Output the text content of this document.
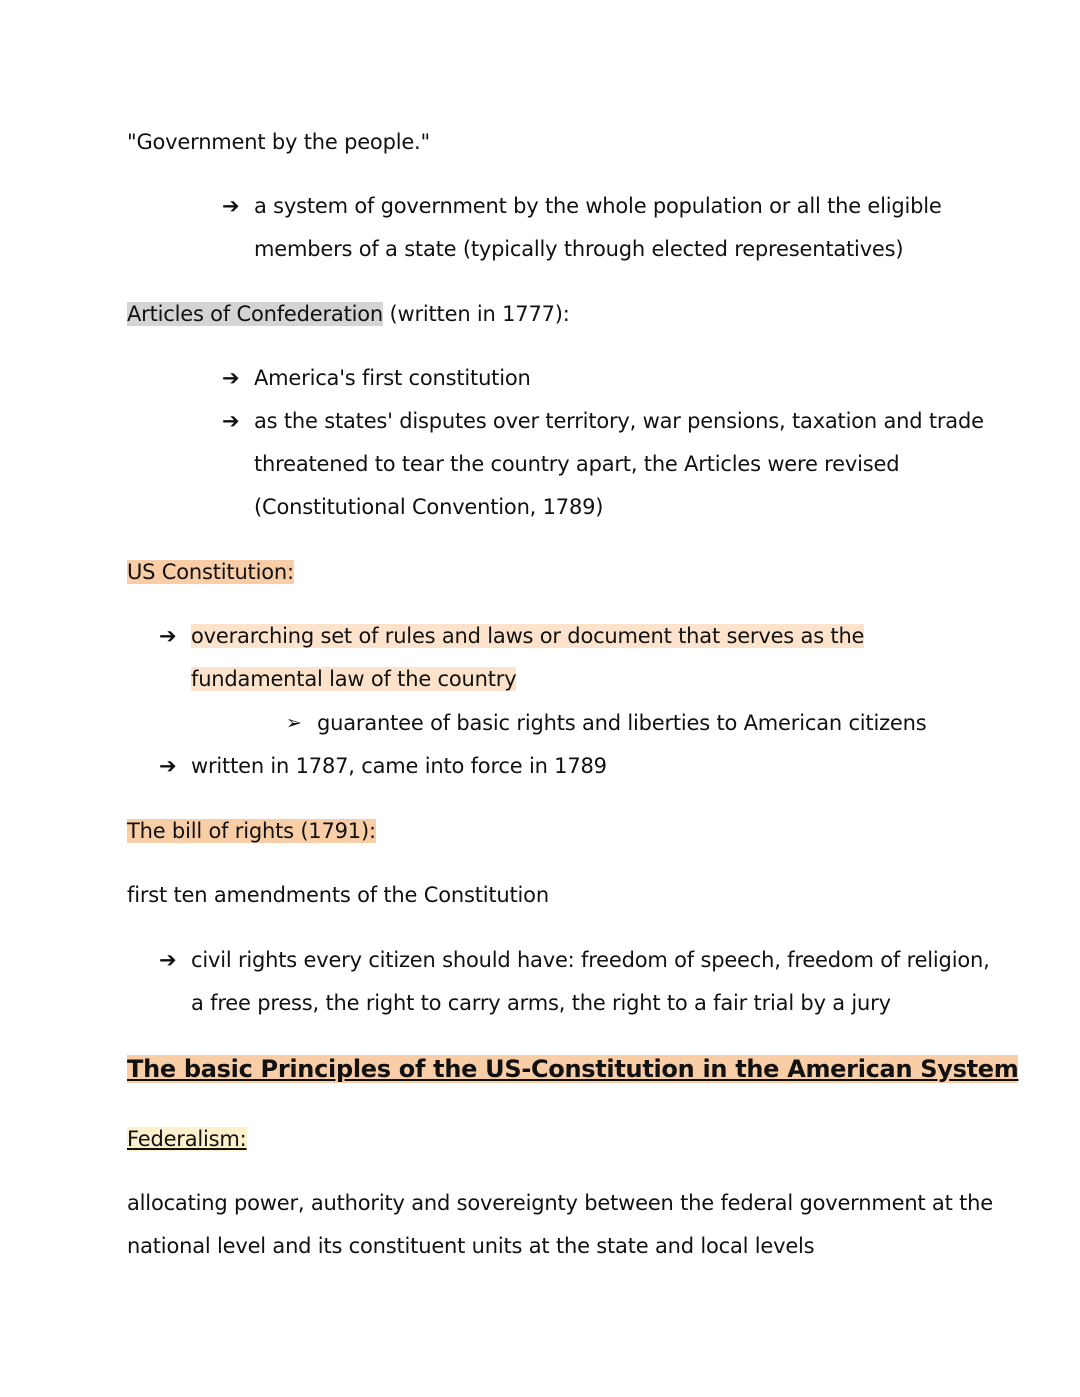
"Government by the people."
➔ a system of government by the whole population or all the eligible
members of a state (typically through elected representatives)
Articles of Confederation (written in 1777):
➔ America's first constitution
➔ as the states' disputes over territory, war pensions, taxation and trade
threatened to tear the country apart, the Articles were revised
(Constitutional Convention, 1789)
US Constitution:
➔ overarching set of rules and laws or document that serves as the
fundamental law of the country
➢ guarantee of basic rights and liberties to American citizens
➔ written in 1787, came into force in 1789
The bill of rights (1791):
first ten amendments of the Constitution
➔ civil rights every citizen should have: freedom of speech, freedom of religion,
a free press, the right to carry arms, the right to a fair trial by a jury
The basic Principles of the US-Constitution in the American System
Federalism:
allocating power, authority and sovereignty between the federal government at the
national level and its constituent units at the state and local levels
